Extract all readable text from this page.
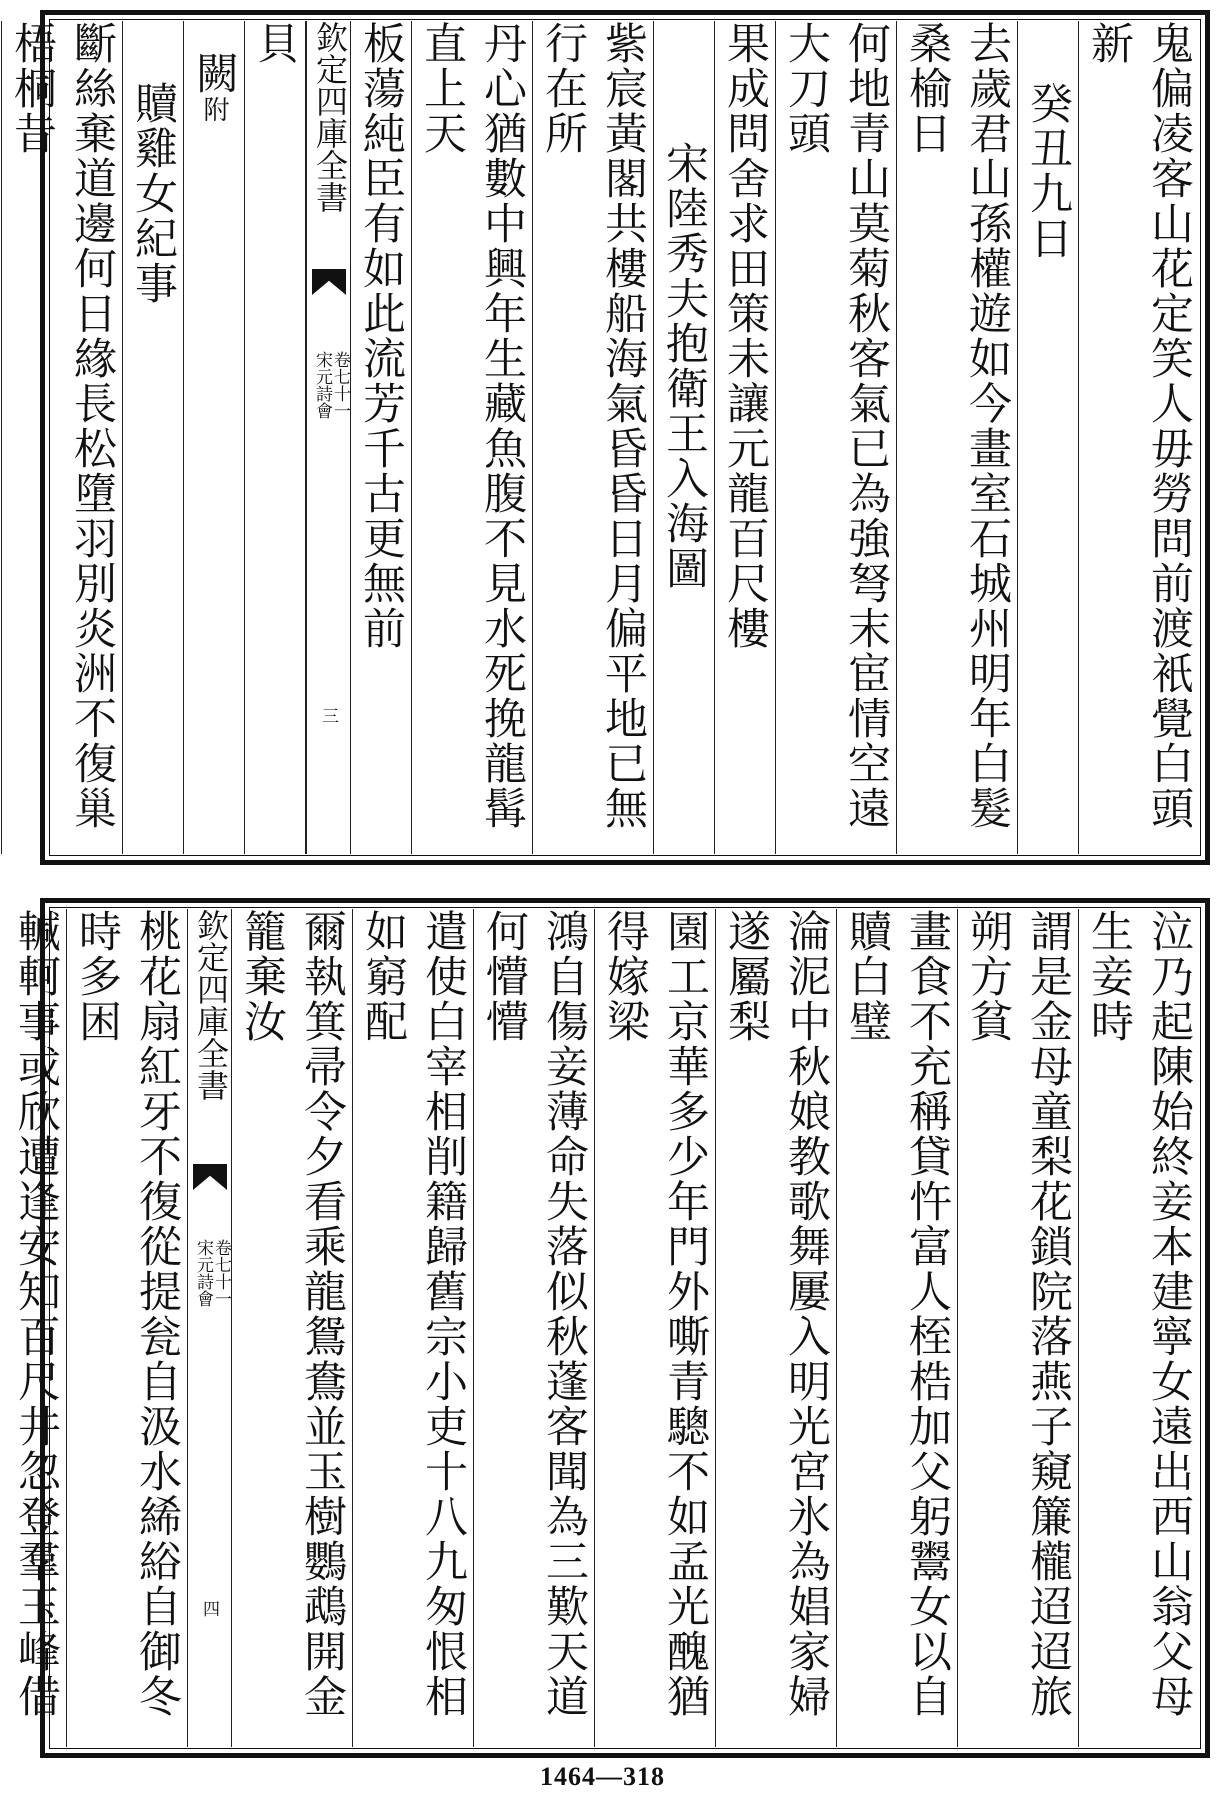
鬼偏凌客山花定笑人毋勞問前渡衹覺白頭新
癸丑九日
去歲君山孫權遊如今畫室石城州明年白髮桑榆日
何地青山莫菊秋客氣已為強弩末宦情空遠大刀頭
果成問舍求田策未讓元龍百尺樓
宋陸秀夫抱衛王入海圖
紫宸黃閣共樓船海氣昏昏日月偏平地已無行在所
丹心猶數中興年生藏魚腹不見水死挽龍髯直上天
板蕩純臣有如此流芳千古更無前
欽定四庫全書
宋元詩會
卷七十一
三
貝
闕附
贖雞女紀事
斷絲棄道邊何日緣長松墮羽別炎洲不復巢梧桐昔
泣乃起陳始終妾本建寧女遠出西山翁父母生妾時
謂是金母童梨花鎖院落燕子窺簾櫳迢迢旅朔方貧
畫食不充稱貸忤富人桎梏加父躬鬻女以自贖白璧
淪泥中秋娘教歌舞屢入明光宮氷為娼家婦遂屬梨
園工京華多少年門外嘶青驄不如孟光醜猶得嫁梁
鴻自傷妾薄命失落似秋蓬客聞為三歎天道何懵懵
遣使白宰相削籍歸舊宗小吏十八九匆恨相如窮配
爾執箕帚令夕看乘龍鴛鴦並玉樹鸚鵡開金籠棄汝
欽定四庫全書
宋元詩會
卷七十一
四
桃花扇紅牙不復從提瓮自汲水絺綌自御冬時多困
輱軻事或欣遭逢安知百尺井忽登羣玉峰借
1464—318
